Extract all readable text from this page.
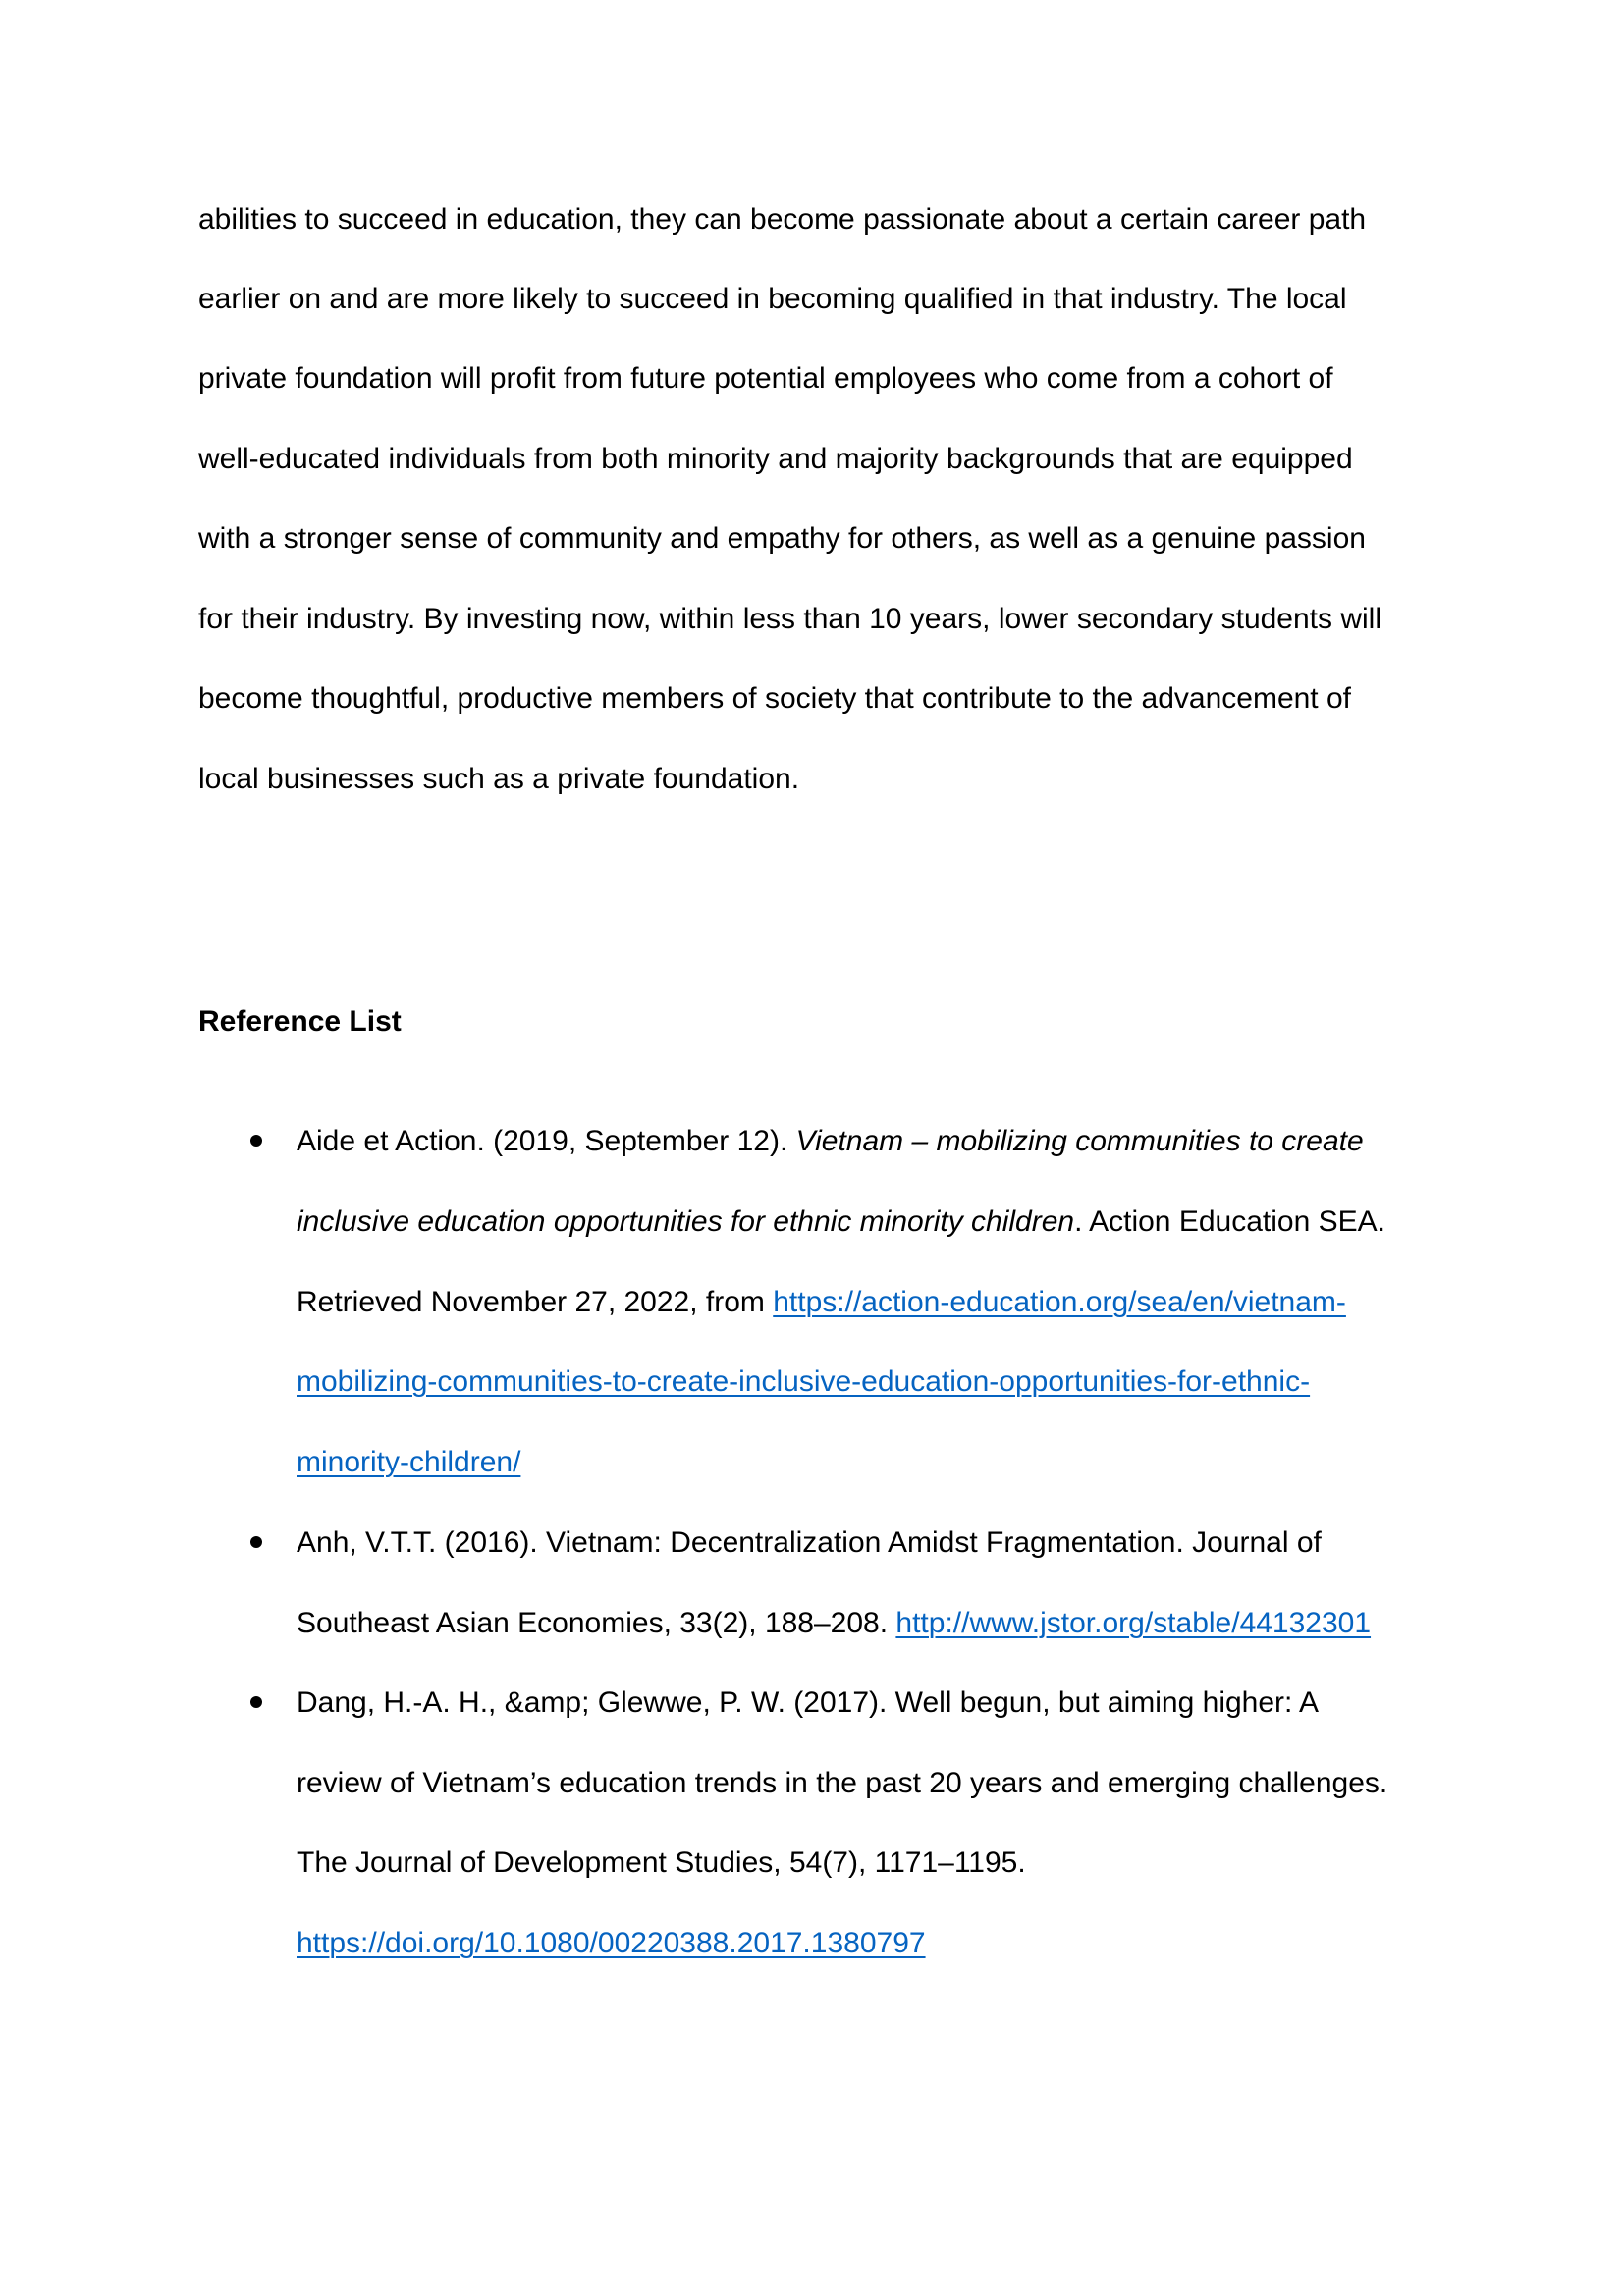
abilities to succeed in education, they can become passionate about a certain career path
earlier on and are more likely to succeed in becoming qualified in that industry. The local
private foundation will profit from future potential employees who come from a cohort of
well-educated individuals from both minority and majority backgrounds that are equipped
with a stronger sense of community and empathy for others, as well as a genuine passion
for their industry. By investing now, within less than 10 years, lower secondary students will
become thoughtful, productive members of society that contribute to the advancement of
local businesses such as a private foundation.
Reference List
Aide et Action. (2019, September 12). Vietnam – mobilizing communities to create
inclusive education opportunities for ethnic minority children. Action Education SEA.
Retrieved November 27, 2022, from https://action-education.org/sea/en/vietnam-
mobilizing-communities-to-create-inclusive-education-opportunities-for-ethnic-
minority-children/
Anh, V.T.T. (2016). Vietnam: Decentralization Amidst Fragmentation. Journal of
Southeast Asian Economies, 33(2), 188–208. http://www.jstor.org/stable/44132301
Dang, H.-A. H., &amp; Glewwe, P. W. (2017). Well begun, but aiming higher: A
review of Vietnam’s education trends in the past 20 years and emerging challenges.
The Journal of Development Studies, 54(7), 1171–1195.
https://doi.org/10.1080/00220388.2017.1380797
